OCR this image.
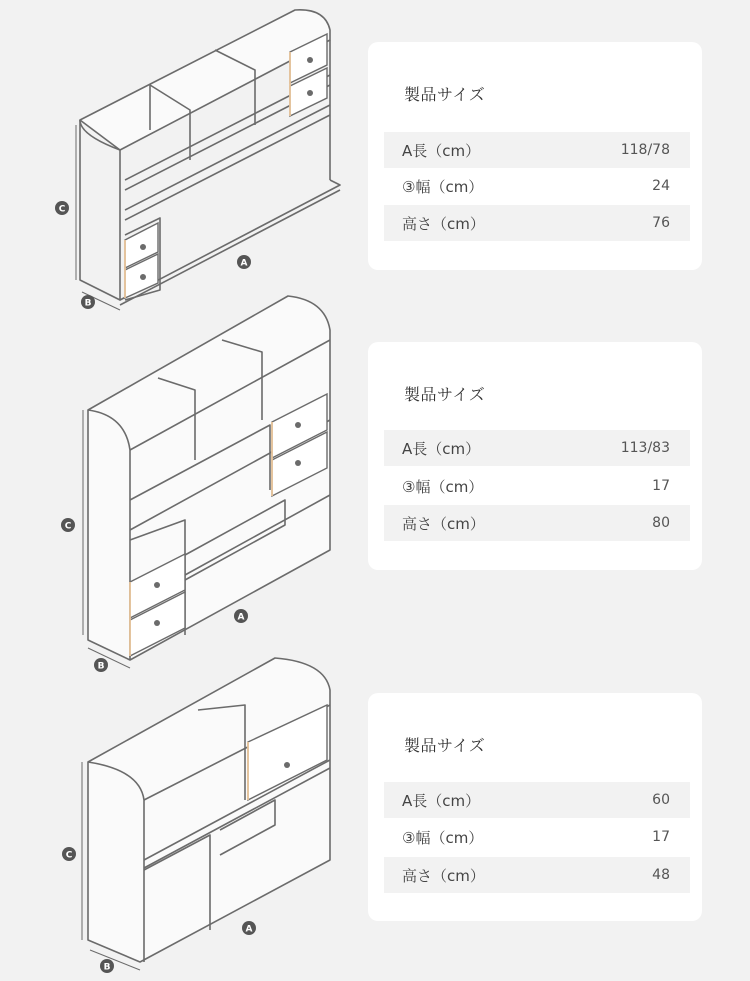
C
B
A
製品サイズ
A長（cm）	118/78
③幅（cm）	24
高さ（cm）	76
C
B
A
製品サイズ
A長（cm）	113/83
③幅（cm）	17
高さ（cm）	80
C
B
A
製品サイズ
A長（cm）	60
③幅（cm）	17
高さ（cm）	48
